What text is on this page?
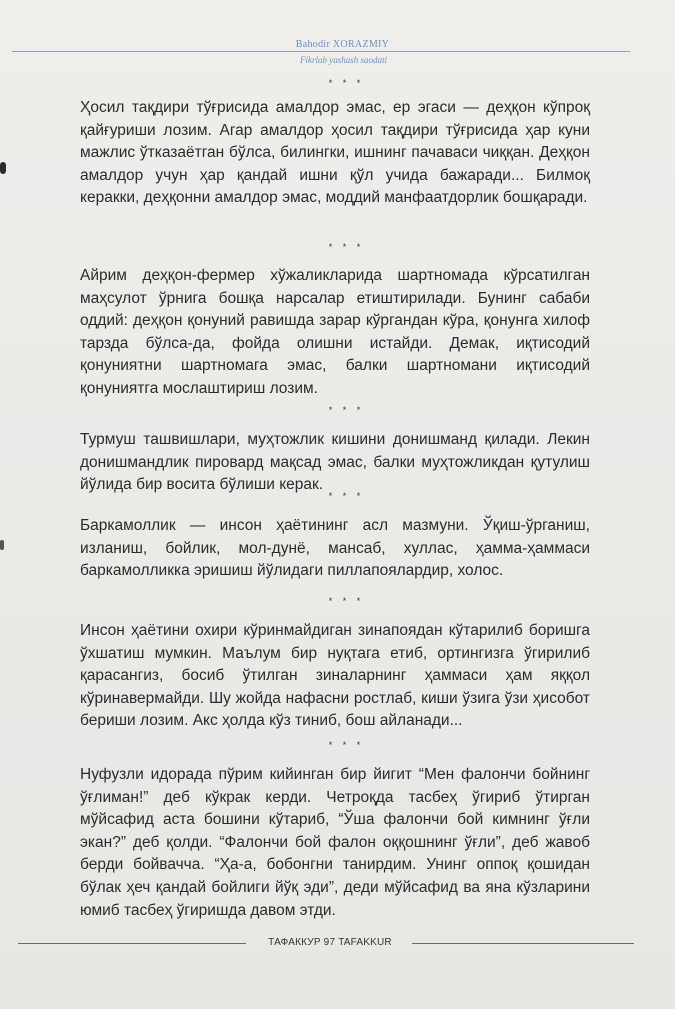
Bahodir XORAZMIY
Fikrlab yashash saodati
* * *

Ҳосил тақдири тўғрисида амалдор эмас, ер эгаси — деҳқон кўпроқ қайғуриши лозим. Агар амалдор ҳосил тақдири тўғрисида ҳар куни мажлис ўтказаётган бўлса, билингки, ишнинг пачаваси чиққан. Деҳқон амалдор учун ҳар қандай ишни қўл учида бажаради... Билмоқ керакки, деҳқонни амалдор эмас, моддий манфаатдорлик бошқаради.

* * *

Айрим деҳқон-фермер хўжаликларида шартномада кўрсатилган маҳсулот ўрнига бошқа нарсалар етиштирилади. Бунинг сабаби оддий: деҳқон қонуний равишда зарар кўргандан кўра, қонунга хилоф тарзда бўлса-да, фойда олишни истайди. Демак, иқтисодий қонуниятни шартномага эмас, балки шартномани иқтисодий қонуниятга мослаштириш лозим.

* * *

Турмуш ташвишлари, муҳтожлик кишини донишманд қилади. Лекин донишмандлик пировард мақсад эмас, балки муҳтожликдан қутулиш йўлида бир восита бўлиши керак.

* * *

Баркамоллик — инсон ҳаётининг асл мазмуни. Ўқиш-ўрганиш, изланиш, бойлик, мол-дунё, мансаб, хуллас, ҳамма-ҳаммаси баркамолликка эришиш йўлидаги пиллапоялардир, холос.

* * *

Инсон ҳаётини охири кўринмайдиган зинапоядан кўтарилиб боришга ўхшатиш мумкин. Маълум бир нуқтага етиб, ортингизга ўгирилиб қарасангиз, босиб ўтилган зиналарнинг ҳаммаси ҳам яққол кўринавермайди. Шу жойда нафасни ростлаб, киши ўзига ўзи ҳисобот бериши лозим. Акс ҳолда кўз тиниб, бош айланади...

* * *

Нуфузли идорада пўрим кийинган бир йигит “Мен фалончи бойнинг ўғлиман!” деб кўкрак керди. Четроқда тасбеҳ ўгириб ўтирган мўйсафид аста бошини кўтариб, “Ўша фалончи бой кимнинг ўғли экан?” деб қолди. “Фалончи бой фалон оққошнинг ўғли”, деб жавоб берди бойвачча. “Ҳа-а, бобонгни танирдим. Унинг оппоқ қошидан бўлак ҳеч қандай бойлиги йўқ эди”, деди мўйсафид ва яна кўзларини юмиб тасбеҳ ўгиришда давом этди.

ТАФАККУР 97 TAFAKKUR
